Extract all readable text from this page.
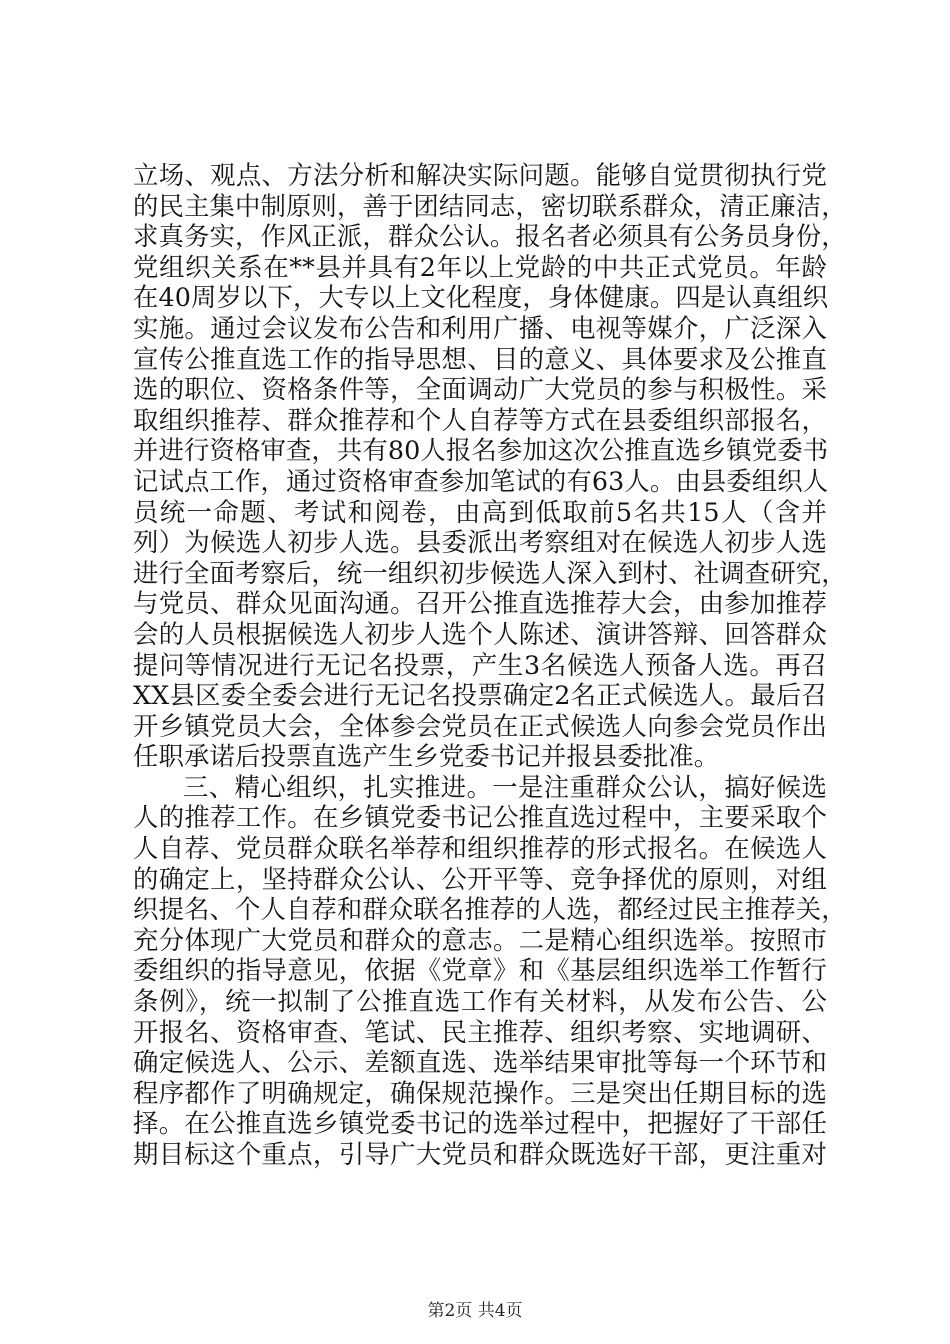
立场、观点、方法分析和解决实际问题。能够自觉贯彻执行党
的民主集中制原则，善于团结同志，密切联系群众，清正廉洁，
求真务实，作风正派，群众公认。报名者必须具有公务员身份，
党组织关系在**县并具有2年以上党龄的中共正式党员。年龄
在40周岁以下，大专以上文化程度，身体健康。四是认真组织
实施。通过会议发布公告和利用广播、电视等媒介，广泛深入
宣传公推直选工作的指导思想、目的意义、具体要求及公推直
选的职位、资格条件等，全面调动广大党员的参与积极性。采
取组织推荐、群众推荐和个人自荐等方式在县委组织部报名，
并进行资格审查，共有80人报名参加这次公推直选乡镇党委书
记试点工作，通过资格审查参加笔试的有63人。由县委组织人
员统一命题、考试和阅卷，由高到低取前5名共15人（含并
列）为候选人初步人选。县委派出考察组对在候选人初步人选
进行全面考察后，统一组织初步候选人深入到村、社调查研究，
与党员、群众见面沟通。召开公推直选推荐大会，由参加推荐
会的人员根据候选人初步人选个人陈述、演讲答辩、回答群众
提问等情况进行无记名投票，产生3名候选人预备人选。再召
XX县区委全委会进行无记名投票确定2名正式候选人。最后召
开乡镇党员大会，全体参会党员在正式候选人向参会党员作出
任职承诺后投票直选产生乡党委书记并报县委批准。
三、精心组织，扎实推进。一是注重群众公认，搞好候选
人的推荐工作。在乡镇党委书记公推直选过程中，主要采取个
人自荐、党员群众联名举荐和组织推荐的形式报名。在候选人
的确定上，坚持群众公认、公开平等、竞争择优的原则，对组
织提名、个人自荐和群众联名推荐的人选，都经过民主推荐关，
充分体现广大党员和群众的意志。二是精心组织选举。按照市
委组织的指导意见，依据《党章》和《基层组织选举工作暂行
条例》，统一拟制了公推直选工作有关材料，从发布公告、公
开报名、资格审查、笔试、民主推荐、组织考察、实地调研、
确定候选人、公示、差额直选、选举结果审批等每一个环节和
程序都作了明确规定，确保规范操作。三是突出任期目标的选
择。在公推直选乡镇党委书记的选举过程中，把握好了干部任
期目标这个重点，引导广大党员和群众既选好干部，更注重对
第2页 共4页
